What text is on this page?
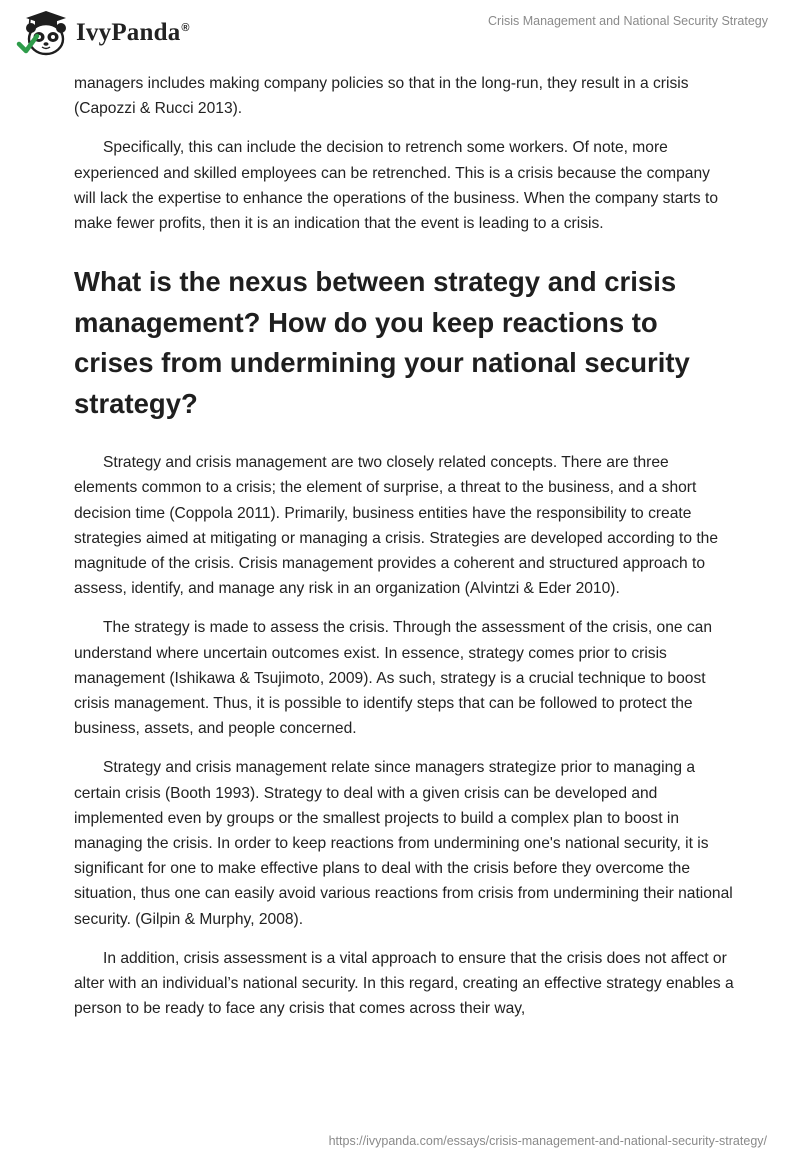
IvyPanda®	Crisis Management and National Security Strategy

managers includes making company policies so that in the long-run, they result in a crisis (Capozzi & Rucci 2013).

Specifically, this can include the decision to retrench some workers. Of note, more experienced and skilled employees can be retrenched. This is a crisis because the company will lack the expertise to enhance the operations of the business. When the company starts to make fewer profits, then it is an indication that the event is leading to a crisis.

What is the nexus between strategy and crisis management? How do you keep reactions to crises from undermining your national security strategy?

Strategy and crisis management are two closely related concepts. There are three elements common to a crisis; the element of surprise, a threat to the business, and a short decision time (Coppola 2011). Primarily, business entities have the responsibility to create strategies aimed at mitigating or managing a crisis. Strategies are developed according to the magnitude of the crisis. Crisis management provides a coherent and structured approach to assess, identify, and manage any risk in an organization (Alvintzi & Eder 2010).

The strategy is made to assess the crisis. Through the assessment of the crisis, one can understand where uncertain outcomes exist. In essence, strategy comes prior to crisis management (Ishikawa & Tsujimoto, 2009). As such, strategy is a crucial technique to boost crisis management. Thus, it is possible to identify steps that can be followed to protect the business, assets, and people concerned.

Strategy and crisis management relate since managers strategize prior to managing a certain crisis (Booth 1993). Strategy to deal with a given crisis can be developed and implemented even by groups or the smallest projects to build a complex plan to boost in managing the crisis. In order to keep reactions from undermining one's national security, it is significant for one to make effective plans to deal with the crisis before they overcome the situation, thus one can easily avoid various reactions from crisis from undermining their national security. (Gilpin & Murphy, 2008).

In addition, crisis assessment is a vital approach to ensure that the crisis does not affect or alter with an individual’s national security. In this regard, creating an effective strategy enables a person to be ready to face any crisis that comes across their way,

https://ivypanda.com/essays/crisis-management-and-national-security-strategy/
